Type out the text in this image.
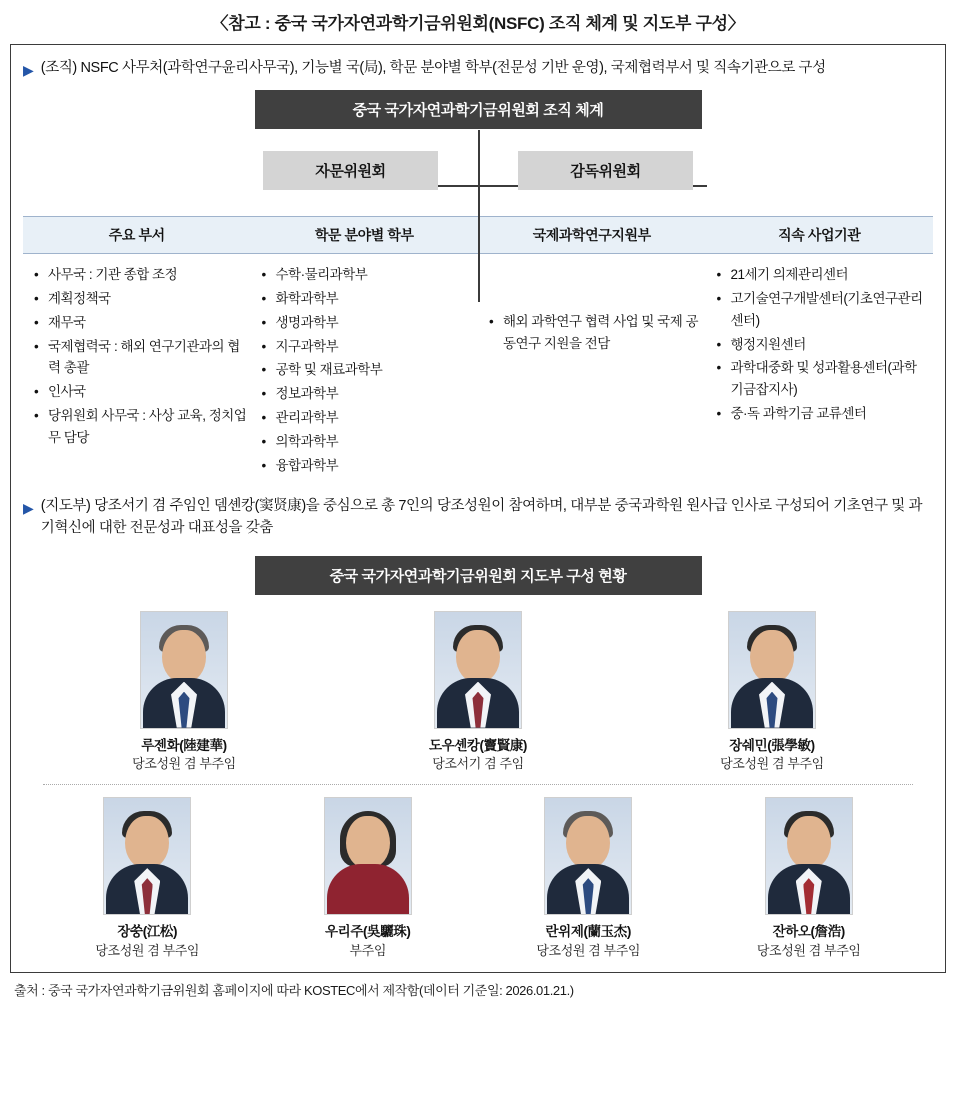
〈참고 : 중국 국가자연과학기금위원회(NSFC) 조직 체계 및 지도부 구성〉
▶ (조직) NSFC 사무처(과학연구윤리사무국), 기능별 국(局), 학문 분야별 학부(전문성 기반 운영), 국제협력부서 및 직속기관으로 구성
중국 국가자연과학기금위원회 조직 체계
자문위원회	감독위원회
주요 부서
• 사무국 : 기관 종합 조정
• 계획정책국
• 재무국
• 국제협력국 : 해외 연구기관과의 협력 총괄
• 인사국
• 당위원회 사무국 : 사상 교육, 정치업무 담당
학문 분야별 학부
• 수학·물리과학부
• 화학과학부
• 생명과학부
• 지구과학부
• 공학 및 재료과학부
• 정보과학부
• 관리과학부
• 의학과학부
• 융합과학부
국제과학연구지원부
• 해외 과학연구 협력 사업 및 국제 공동연구 지원을 전담
직속 사업기관
• 21세기 의제관리센터
• 고기술연구개발센터(기초연구관리센터)
• 행정지원센터
• 과학대중화 및 성과활용센터(과학기금잡지사)
• 중·독 과학기금 교류센터
▶ (지도부) 당조서기 겸 주임인 뎀셴캉(窦贤康)을 중심으로 총 7인의 당조성원이 참여하며, 대부분 중국과학원 원사급 인사로 구성되어 기초연구 및 과기혁신에 대한 전문성과 대표성을 갖춤
중국 국가자연과학기금위원회 지도부 구성 현황
루젠화(陸建華)
당조성원 겸 부주임
도우셴캉(竇賢康)
당조서기 겸 주임
장쉐민(張學敏)
당조성원 겸 부주임
장쑹(江松)
당조성원 겸 부주임
우리주(吳驪珠)
부주임
란위제(蘭玉杰)
당조성원 겸 부주임
잔하오(詹浩)
당조성원 겸 부주임
출처 : 중국 국가자연과학기금위원회 홈페이지에 따라 KOSTEC에서 제작함(데이터 기준일: 2026.01.21.)
